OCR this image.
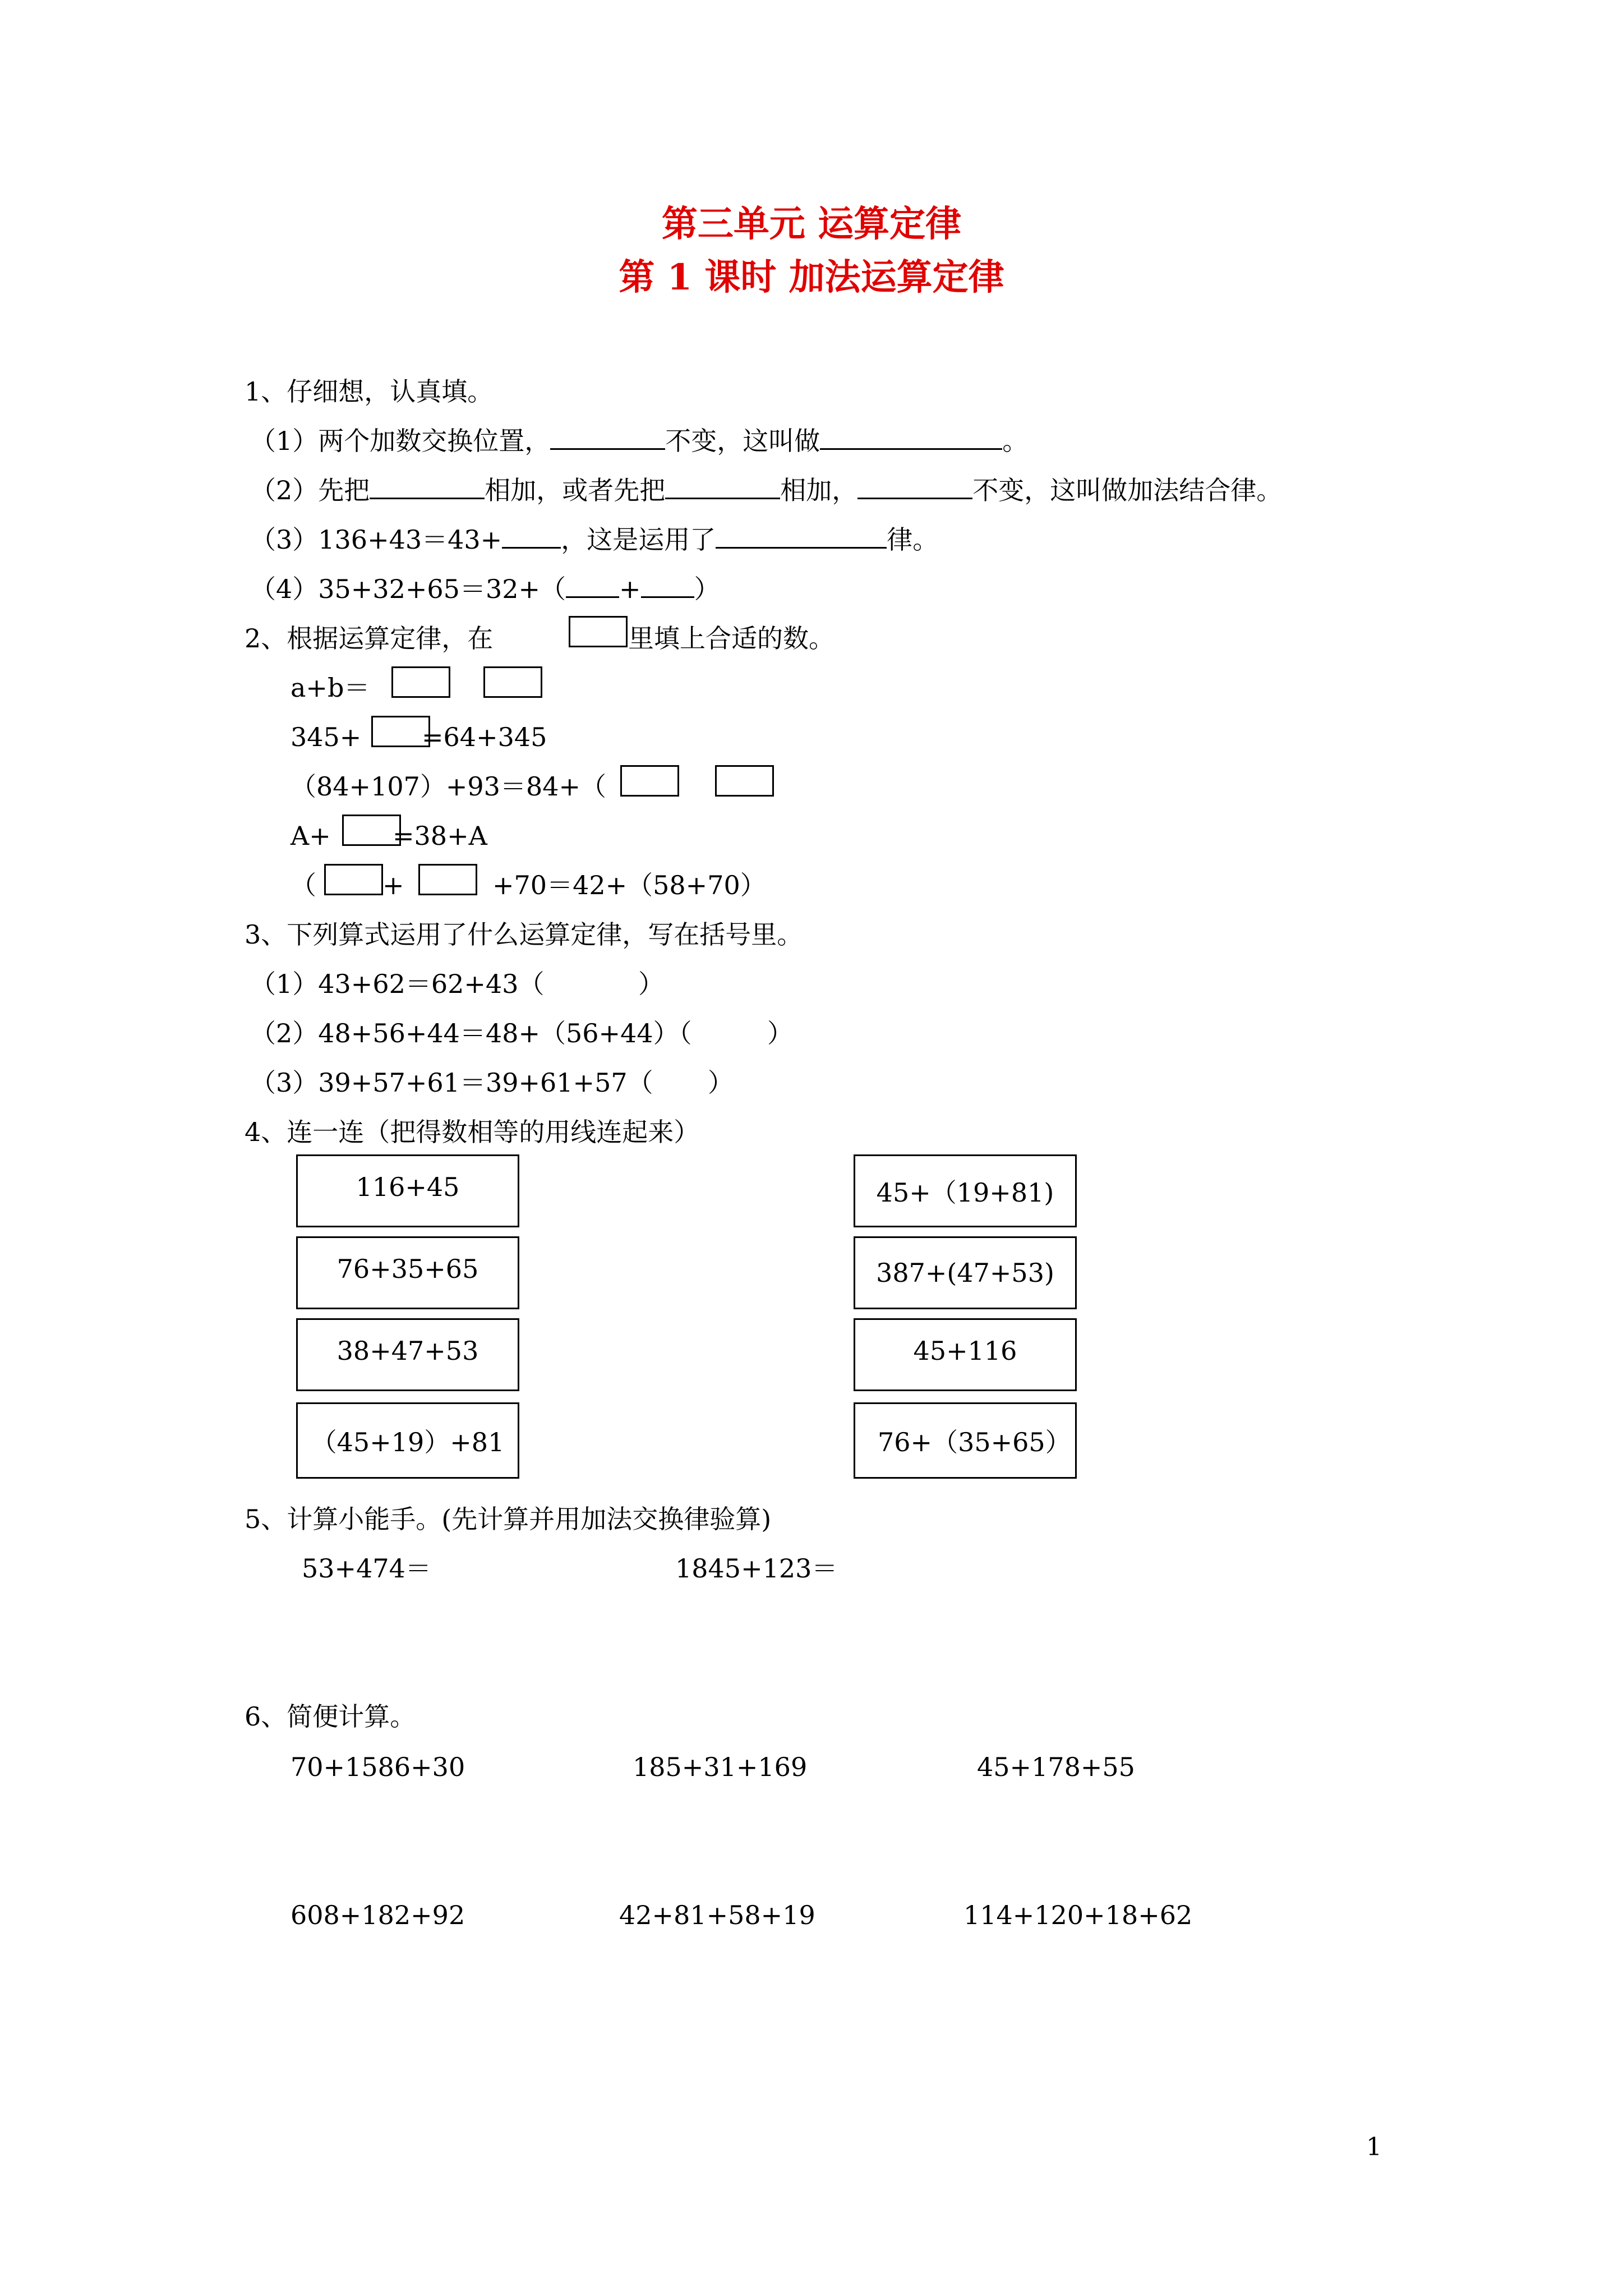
第三单元 运算定律
第 1 课时 加法运算定律
1、仔细想，认真填。
（1）两个加数交换位置，	不变，这叫做	。
（2）先把	相加，或者先把	相加，	不变，这叫做加法结合律。
（3）136+43＝43+ ，这是运用了	律。
（4）35+32+65＝32+（ + ）
2、根据运算定律，在	里填上合适的数。
a+b＝
345+ =64+345
（84+107）+93＝84+（
A+ =38+A
（	+	+70＝42+（58+70）
3、下列算式运用了什么运算定律，写在括号里。
（1）43+62＝62+43（	）
（2）48+56+44＝48+（56+44）（	）
（3）39+57+61＝39+61+57（ ）
4、连一连（把得数相等的用线连起来）
116+45
76+35+65
38+47+53
（45+19）+81
45+（19+81)
387+(47+53)
45+116
76+（35+65）
5、计算小能手。(先计算并用加法交换律验算)
53+474＝	1845+123＝
6、简便计算。
70+1586+30	185+31+169	45+178+55
608+182+92	42+81+58+19	114+120+18+62
1
